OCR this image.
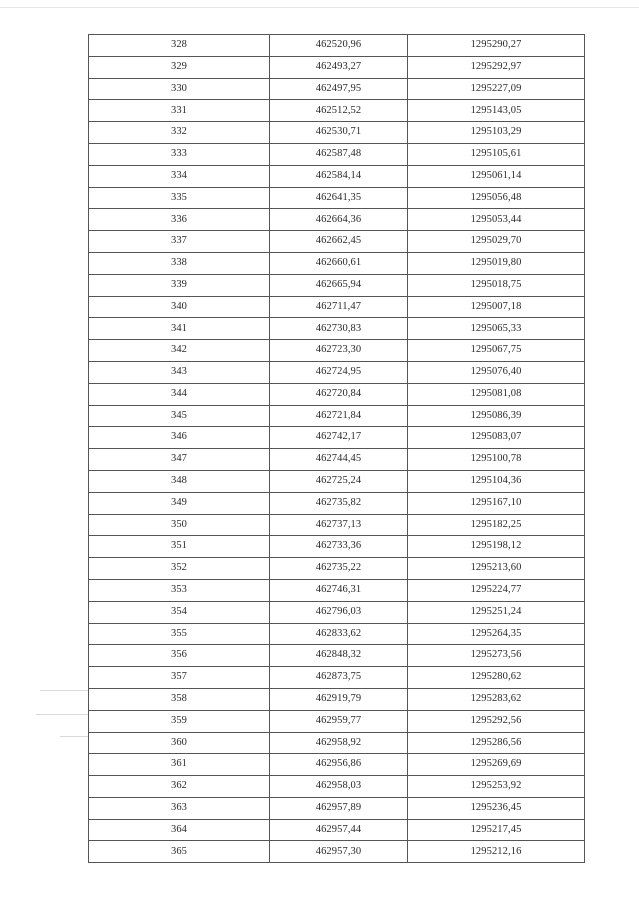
328	462520,96	1295290,27
329	462493,27	1295292,97
330	462497,95	1295227,09
331	462512,52	1295143,05
332	462530,71	1295103,29
333	462587,48	1295105,61
334	462584,14	1295061,14
335	462641,35	1295056,48
336	462664,36	1295053,44
337	462662,45	1295029,70
338	462660,61	1295019,80
339	462665,94	1295018,75
340	462711,47	1295007,18
341	462730,83	1295065,33
342	462723,30	1295067,75
343	462724,95	1295076,40
344	462720,84	1295081,08
345	462721,84	1295086,39
346	462742,17	1295083,07
347	462744,45	1295100,78
348	462725,24	1295104,36
349	462735,82	1295167,10
350	462737,13	1295182,25
351	462733,36	1295198,12
352	462735,22	1295213,60
353	462746,31	1295224,77
354	462796,03	1295251,24
355	462833,62	1295264,35
356	462848,32	1295273,56
357	462873,75	1295280,62
358	462919,79	1295283,62
359	462959,77	1295292,56
360	462958,92	1295286,56
361	462956,86	1295269,69
362	462958,03	1295253,92
363	462957,89	1295236,45
364	462957,44	1295217,45
365	462957,30	1295212,16
